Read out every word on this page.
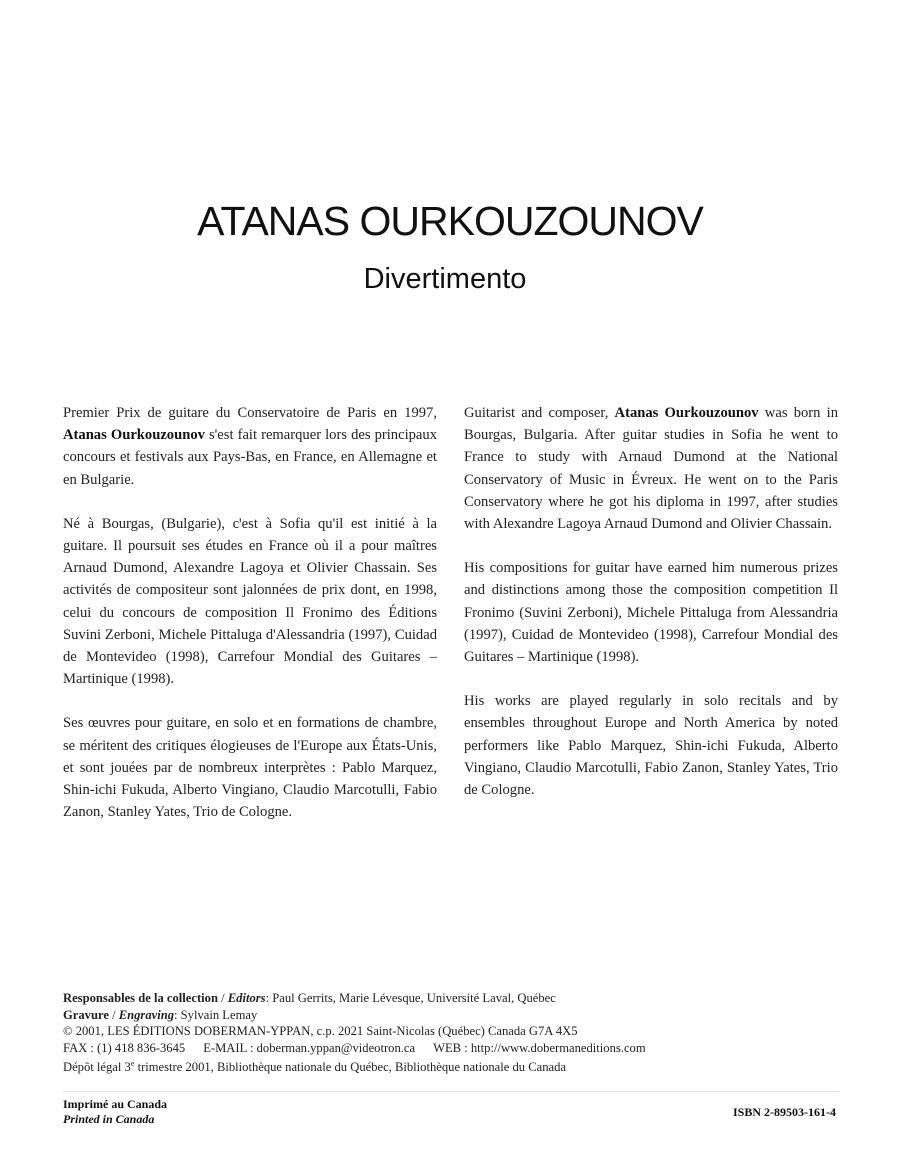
ATANAS OURKOUZOUNOV
Divertimento

Premier Prix de guitare du Conservatoire de Paris en 1997, Atanas Ourkouzounov s'est fait remarquer lors des principaux concours et festivals aux Pays-Bas, en France, en Allemagne et en Bulgarie.

Né à Bourgas, (Bulgarie), c'est à Sofia qu'il est initié à la guitare. Il poursuit ses études en France où il a pour maîtres Arnaud Dumond, Alexandre Lagoya et Olivier Chassain. Ses activités de compositeur sont jalonnées de prix dont, en 1998, celui du concours de composition Il Fronimo des Éditions Suvini Zerboni, Michele Pittaluga d'Alessandria (1997), Cuidad de Montevideo (1998), Carrefour Mondial des Guitares – Martinique (1998).

Ses œuvres pour guitare, en solo et en formations de chambre, se méritent des critiques élogieuses de l'Europe aux États-Unis, et sont jouées par de nombreux interprètes : Pablo Marquez, Shin-ichi Fukuda, Alberto Vingiano, Claudio Marcotulli, Fabio Zanon, Stanley Yates, Trio de Cologne.

Guitarist and composer, Atanas Ourkouzounov was born in Bourgas, Bulgaria. After guitar studies in Sofia he went to France to study with Arnaud Dumond at the National Conservatory of Music in Évreux. He went on to the Paris Conservatory where he got his diploma in 1997, after studies with Alexandre Lagoya Arnaud Dumond and Olivier Chassain.

His compositions for guitar have earned him numerous prizes and distinctions among those the composition competition Il Fronimo (Suvini Zerboni), Michele Pittaluga from Alessandria (1997), Cuidad de Montevideo (1998), Carrefour Mondial des Guitares – Martinique (1998).

His works are played regularly in solo recitals and by ensembles throughout Europe and North America by noted performers like Pablo Marquez, Shin-ichi Fukuda, Alberto Vingiano, Claudio Marcotulli, Fabio Zanon, Stanley Yates, Trio de Cologne.

Responsables de la collection / Editors: Paul Gerrits, Marie Lévesque, Université Laval, Québec
Gravure / Engraving: Sylvain Lemay
© 2001, LES ÉDITIONS DOBERMAN-YPPAN, c.p. 2021 Saint-Nicolas (Québec) Canada G7A 4X5
FAX : (1) 418 836-3645 E-MAIL : doberman.yppan@videotron.ca WEB : http://www.dobermaneditions.com
Dépôt légal 3e trimestre 2001, Bibliothèque nationale du Québec, Bibliothèque nationale du Canada
Imprimé au Canada
Printed in Canada	ISBN 2-89503-161-4
